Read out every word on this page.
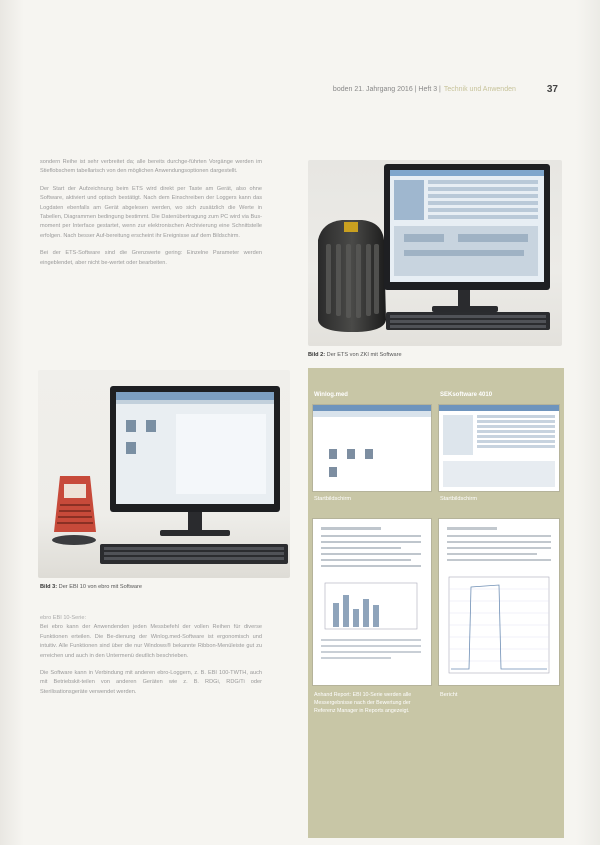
boden 21. Jahrgang 2016 | Heft 3 | Technik und Anwenden	37

sondern Reihe ist sehr verbreitet da; alle bereits durchge-führten Vorgänge werden im Stieflobschem tabellarisch von den möglichen Anwendungsoptionen dargestellt.

Der Start der Aufzeichnung beim ETS wird direkt per Taste am Gerät, also ohne Software, aktiviert und optisch bestätigt. Nach dem Einschreiben der Loggers kann das Logdaten ebenfalls am Gerät abgelesen werden, wo sich zusätzlich die Werte in Tabellen, Diagrammen bedingung bestimmt. Die Datenübertragung zum PC wird via Bus-moment per Interface gestartet, wenn zur elektronischen Archivierung eine Schnittstelle erfolgen. Nach besser Auf-bereitung erscheint ihr Ereignisse auf dem Bildschirm.

Bei der ETS-Software sind die Grenzwerte gering: Einzelne Parameter werden eingeblendet, aber nicht be-wertet oder bearbeiten.

Bild 2: Der ETS von ZKI mit Software
Bild 3: Der EBI 10 von ebro mit Software

ebro EBI 10-Serie:

Bei ebro kann der Anwendenden jeden Messbefehl der vollen Reihen für diverse Funktionen erteilen. Die Be-dienung der Winlog.med-Software ist ergonomisch und intuitiv. Alle Funktionen sind über die nur Windows® bekannte Ribbon-Menüleiste gut zu erreichen und auch in den Untermenü deutlich beschrieben.

Die Software kann in Verbindung mit anderen ebro-Loggern, z. B. EBI 100-TWTH, auch mit Betriebskit-teilen von anderen Geräten wie z. B. RDGi, RDG/Ti oder Sterilisationsgeräte verwendet werden.

Winlog.med	SEKsoftware 4010
Startbildschirm	Startbildschirm
Anhand Report: EBI 10-Serie werden alle Messergebnisse nach der Bewertung der Referenz Manager in Reports angezeigt.
Bericht
